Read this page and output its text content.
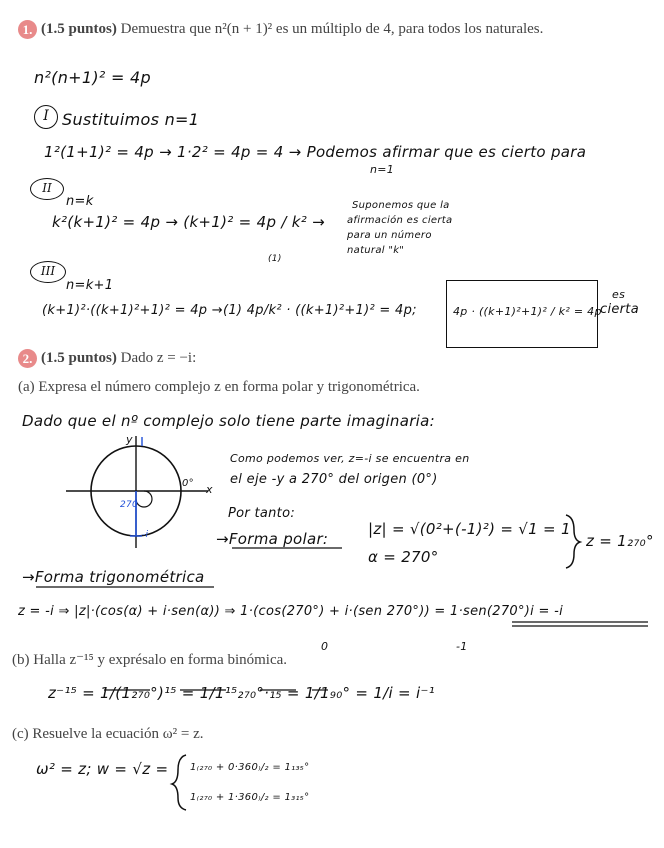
1. (1.5 puntos) Demuestra que n²(n + 1)² es un múltiplo de 4, para todos los naturales.
n²(n+1)² = 4p
I Sustituimos n=1
1²(1+1)² = 4p → 1·2² = 4p = 4 → Podemos afirmar que es cierto para
n=1
II
n=k
k²(k+1)² = 4p → (k+1)² = 4p / k² →
(1)
Suponemos que la
afirmación es cierta
para un número
natural "k"
III
n=k+1
(k+1)²·((k+1)²+1)² = 4p →(1) 4p/k² · ((k+1)²+1)² = 4p;	4p · ((k+1)²+1)² / k² = 4p
es
cierta
2. (1.5 puntos) Dado z = −i:
(a) Expresa el número complejo z en forma polar y trigonométrica.
Dado que el nº complejo solo tiene parte imaginaria:
y
x
0°
270
-i
Como podemos ver, z=-i se encuentra en
el eje -y a 270° del origen (0°)
Por tanto:
→Forma polar:
|z| = √(0²+(-1)²) = √1 = 1
α = 270°
z = 1₂₇₀°
→Forma trigonométrica
z = -i ⇒ |z|·(cos(α) + i·sen(α)) ⇒ 1·(cos(270°) + i·(sen 270°)) = 1·sen(270°)i = -i
0	-1
(b) Halla z⁻¹⁵ y exprésalo en forma binómica.
z⁻¹⁵ = 1/(1₂₇₀°)¹⁵ = 1/1¹⁵₂₇₀°·₁₅ = 1/1₉₀° = 1/i = i⁻¹
(c) Resuelve la ecuación ω² = z.
ω² = z; w = √z = 1₍₂₇₀ + 0·360₎/₂ = 1₁₃₅°
1₍₂₇₀ + 1·360₎/₂ = 1₃₁₅°
